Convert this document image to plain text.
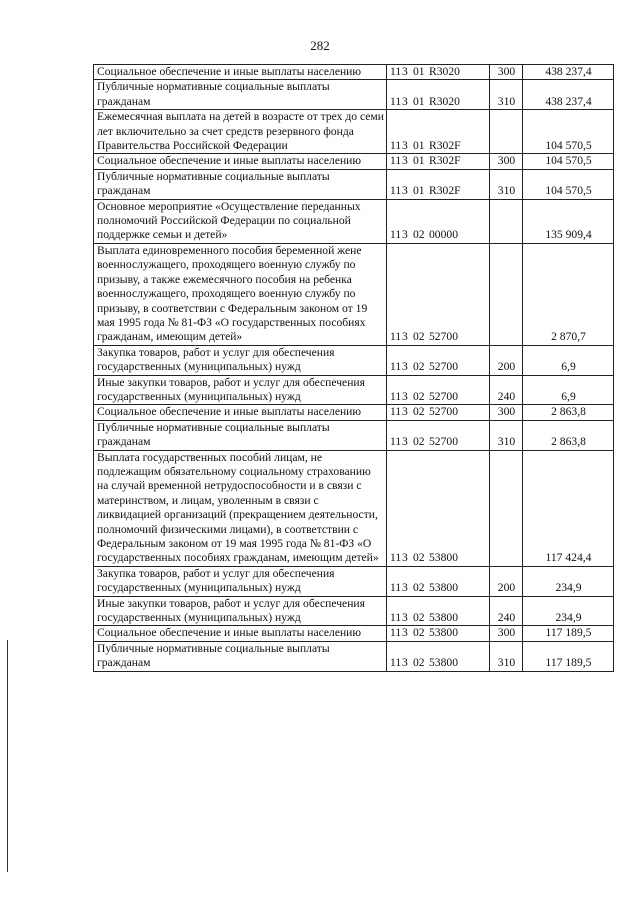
282
Социальное обеспечение и иные выплаты населению	113 01 R3020	300	438 237,4
Публичные нормативные социальные выплаты гражданам	113 01 R3020	310	438 237,4
Ежемесячная выплата на детей в возрасте от трех до семи лет включительно за счет средств резервного фонда Правительства Российской Федерации	113 01 R302F		104 570,5
Социальное обеспечение и иные выплаты населению	113 01 R302F	300	104 570,5
Публичные нормативные социальные выплаты гражданам	113 01 R302F	310	104 570,5
Основное мероприятие «Осуществление переданных полномочий Российской Федерации по социальной поддержке семьи и детей»	113 02 00000		135 909,4
Выплата единовременного пособия беременной жене военнослужащего, проходящего военную службу по призыву, а также ежемесячного пособия на ребенка военнослужащего, проходящего военную службу по призыву, в соответствии с Федеральным законом от 19 мая 1995 года № 81-ФЗ «О государственных пособиях гражданам, имеющим детей»	113 02 52700		2 870,7
Закупка товаров, работ и услуг для обеспечения государственных (муниципальных) нужд	113 02 52700	200	6,9
Иные закупки товаров, работ и услуг для обеспечения государственных (муниципальных) нужд	113 02 52700	240	6,9
Социальное обеспечение и иные выплаты населению	113 02 52700	300	2 863,8
Публичные нормативные социальные выплаты гражданам	113 02 52700	310	2 863,8
Выплата государственных пособий лицам, не подлежащим обязательному социальному страхованию на случай временной нетрудоспособности и в связи с материнством, и лицам, уволенным в связи с ликвидацией организаций (прекращением деятельности, полномочий физическими лицами), в соответствии с Федеральным законом от 19 мая 1995 года № 81-ФЗ «О государственных пособиях гражданам, имеющим детей»	113 02 53800		117 424,4
Закупка товаров, работ и услуг для обеспечения государственных (муниципальных) нужд	113 02 53800	200	234,9
Иные закупки товаров, работ и услуг для обеспечения государственных (муниципальных) нужд	113 02 53800	240	234,9
Социальное обеспечение и иные выплаты населению	113 02 53800	300	117 189,5
Публичные нормативные социальные выплаты гражданам	113 02 53800	310	117 189,5
